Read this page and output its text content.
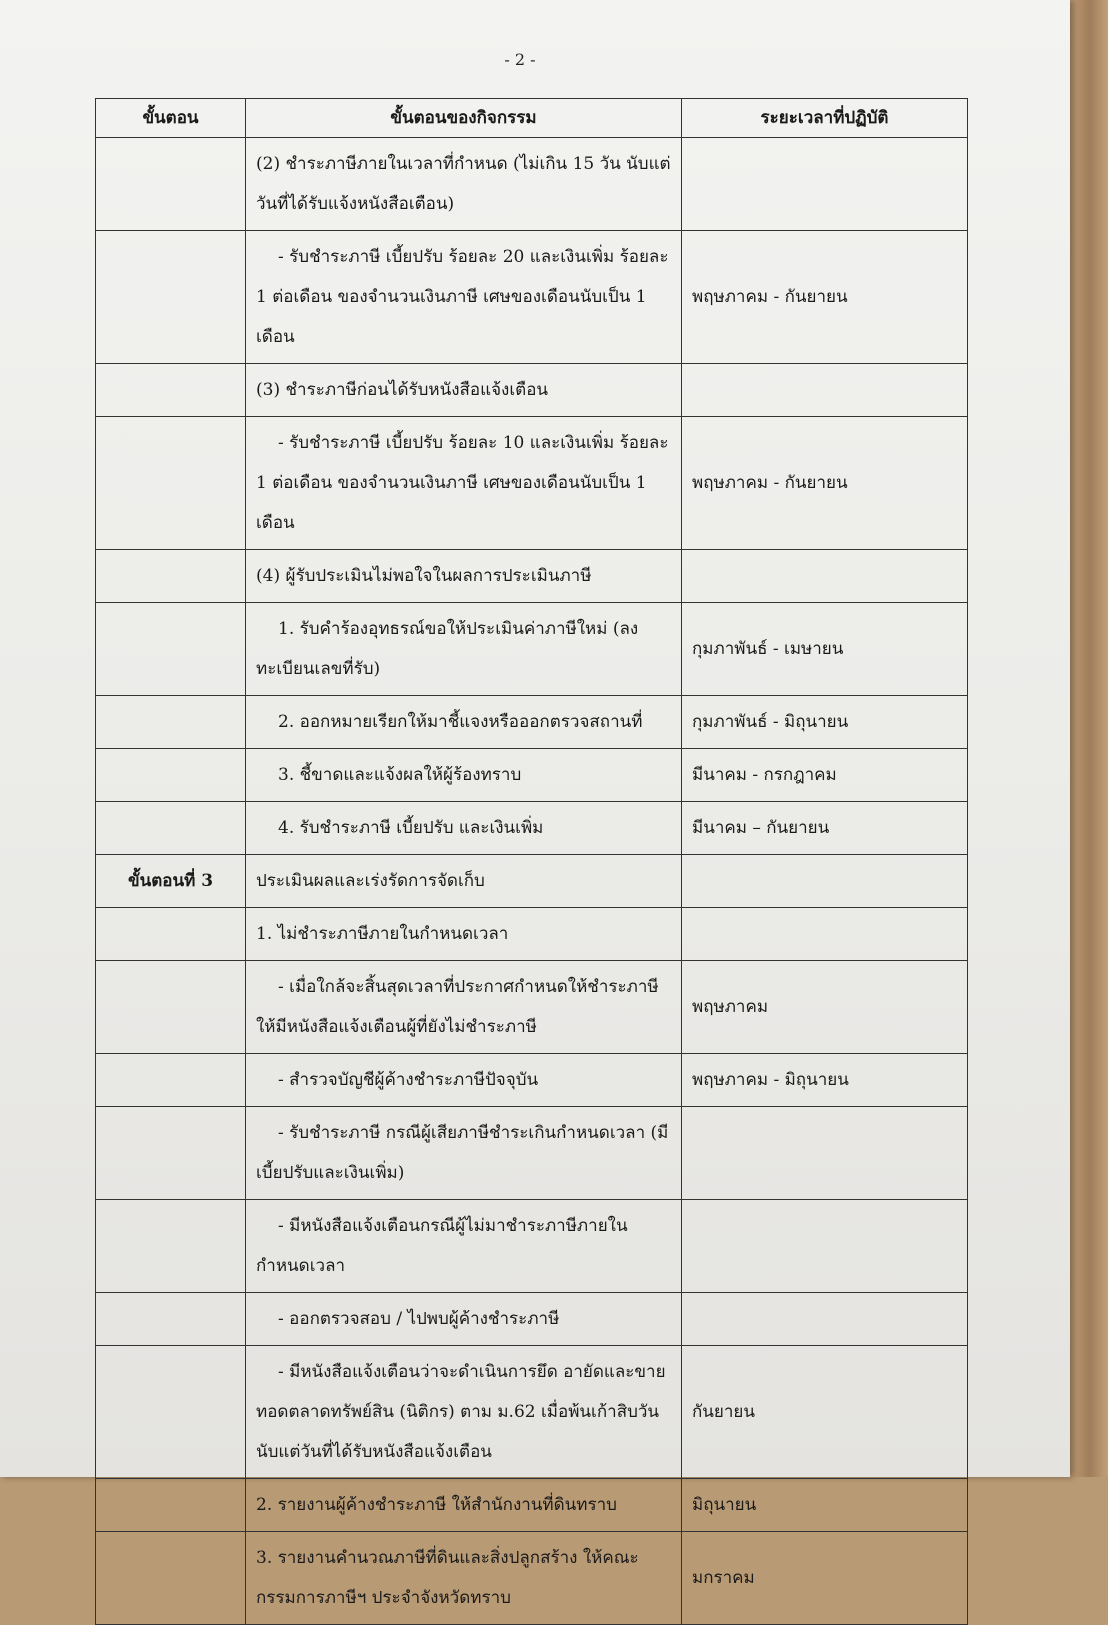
- 2 -
ขั้นตอน	ขั้นตอนของกิจกรรม	ระยะเวลาที่ปฏิบัติ
	(2) ชำระภาษีภายในเวลาที่กำหนด (ไม่เกิน 15 วัน นับแต่วันที่ได้รับแจ้งหนังสือเตือน)	
	- รับชำระภาษี เบี้ยปรับ ร้อยละ 20 และเงินเพิ่ม ร้อยละ 1 ต่อเดือน ของจำนวนเงินภาษี เศษของเดือนนับเป็น 1 เดือน	พฤษภาคม - กันยายน
	(3) ชำระภาษีก่อนได้รับหนังสือแจ้งเตือน	
	- รับชำระภาษี เบี้ยปรับ ร้อยละ 10 และเงินเพิ่ม ร้อยละ 1 ต่อเดือน ของจำนวนเงินภาษี เศษของเดือนนับเป็น 1 เดือน	พฤษภาคม - กันยายน
	(4) ผู้รับประเมินไม่พอใจในผลการประเมินภาษี	
	1. รับคำร้องอุทธรณ์ขอให้ประเมินค่าภาษีใหม่ (ลงทะเบียนเลขที่รับ)	กุมภาพันธ์ - เมษายน
	2. ออกหมายเรียกให้มาชี้แจงหรือออกตรวจสถานที่	กุมภาพันธ์ - มิถุนายน
	3. ชี้ขาดและแจ้งผลให้ผู้ร้องทราบ	มีนาคม - กรกฎาคม
	4. รับชำระภาษี เบี้ยปรับ และเงินเพิ่ม	มีนาคม – กันยายน
ขั้นตอนที่ 3	ประเมินผลและเร่งรัดการจัดเก็บ	
	1. ไม่ชำระภาษีภายในกำหนดเวลา	
	- เมื่อใกล้จะสิ้นสุดเวลาที่ประกาศกำหนดให้ชำระภาษี ให้มีหนังสือแจ้งเตือนผู้ที่ยังไม่ชำระภาษี	พฤษภาคม
	- สำรวจบัญชีผู้ค้างชำระภาษีปัจจุบัน	พฤษภาคม - มิถุนายน
	- รับชำระภาษี กรณีผู้เสียภาษีชำระเกินกำหนดเวลา (มีเบี้ยปรับและเงินเพิ่ม)	
	- มีหนังสือแจ้งเตือนกรณีผู้ไม่มาชำระภาษีภายในกำหนดเวลา	
	- ออกตรวจสอบ / ไปพบผู้ค้างชำระภาษี	
	- มีหนังสือแจ้งเตือนว่าจะดำเนินการยึด อายัดและขายทอดตลาดทรัพย์สิน (นิติกร) ตาม ม.62 เมื่อพ้นเก้าสิบวันนับแต่วันที่ได้รับหนังสือแจ้งเตือน	กันยายน
	2. รายงานผู้ค้างชำระภาษี ให้สำนักงานที่ดินทราบ	มิถุนายน
	3. รายงานคำนวณภาษีที่ดินและสิ่งปลูกสร้าง ให้คณะกรรมการภาษีฯ ประจำจังหวัดทราบ	มกราคม
